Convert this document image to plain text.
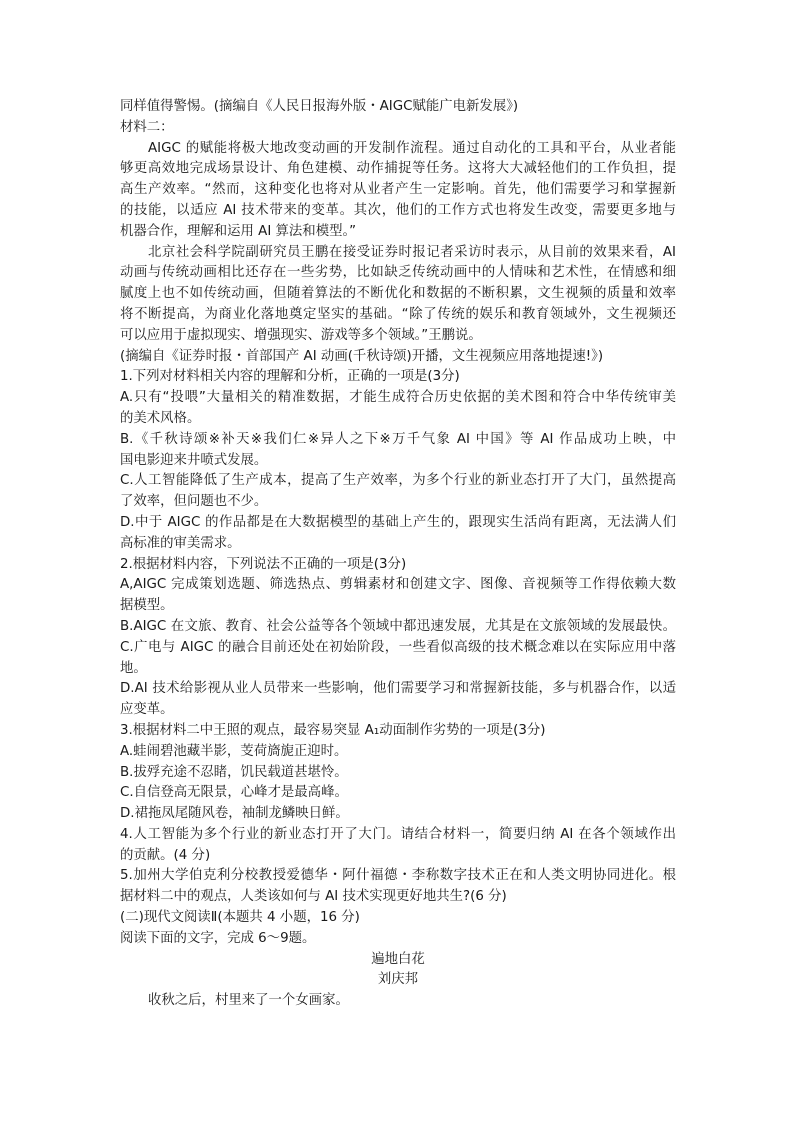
同样值得警惕。(摘编自《人民日报海外版・AIGC赋能广电新发展》)
材料二：
AIGC 的赋能将极大地改变动画的开发制作流程。通过自动化的工具和平台，从业者能
够更高效地完成场景设计、角色建模、动作捕捉等任务。这将大大减轻他们的工作负担，提
高生产效率。“然而，这种变化也将对从业者产生一定影响。首先，他们需要学习和掌握新
的技能，以适应 AI 技术带来的变革。其次，他们的工作方式也将发生改变，需要更多地与
机器合作，理解和运用 AI 算法和模型。”
北京社会科学院副研究员王鹏在接受证券时报记者采访时表示，从目前的效果来看，AI
动画与传统动画相比还存在一些劣势，比如缺乏传统动画中的人情味和艺术性，在情感和细
腻度上也不如传统动画，但随着算法的不断优化和数据的不断积累，文生视频的质量和效率
将不断提高，为商业化落地奠定坚实的基础。“除了传统的娱乐和教育领域外，文生视频还
可以应用于虚拟现实、增强现实、游戏等多个领域。”王鹏说。
(摘编自《证券时报・首部国产 AI 动画(千秋诗颂)开播，文生视频应用落地提速!》)
1.下列对材料相关内容的理解和分析，正确的一项是(3分)
A.只有“投喂”大量相关的精准数据，才能生成符合历史依据的美术图和符合中华传统审美
的美术风格。
B.《千秋诗颂※补天※我们仁※异人之下※万千气象 AI 中国》等 AI 作品成功上映，中
国电影迎来井喷式发展。
C.人工智能降低了生产成本，提高了生产效率，为多个行业的新业态打开了大门，虽然提高
了效率，但问题也不少。
D.中于 AIGC 的作品都是在大数据模型的基础上产生的，跟现实生活尚有距离，无法满人们
高标准的审美需求。
2.根据材料内容，下列说法不正确的一项是(3分)
A,AIGC 完成策划选题、筛选热点、剪辑素材和创建文字、图像、音视频等工作得依赖大数
据模型。
B.AIGC 在文旅、教育、社会公益等各个领域中都迅速发展，尤其是在文旅领域的发展最快。
C.广电与 AIGC 的融合目前还处在初始阶段，一些看似高级的技术概念难以在实际应用中落
地。
D.AI 技术给影视从业人员带来一些影响，他们需要学习和常握新技能，多与机器合作，以适
应变革。
3.根据材料二中王照的观点，最容易突显 A₁动面制作劣势的一项是(3分)
A.蛙闹碧池藏半影，芰荷旖旎正迎时。
B.拔殍充途不忍睹，饥民载道甚堪怜。
C.自信登高无限景，心峰才是最高峰。
D.裙拖凤尾随风卷，袖制龙鳞映日鲜。
4.人工智能为多个行业的新业态打开了大门。请结合材料一，简要归纳 AI 在各个领域作出
的贡献。(4 分)
5.加州大学伯克利分校教授爱德华・阿什福德・李称数字技术正在和人类文明协同进化。根
据材料二中的观点，人类该如何与 AI 技术实现更好地共生?(6 分)
(二)现代文阅读Ⅱ(本题共 4 小题，16 分)
阅读下面的文字，完成 6～9题。
遍地白花
刘庆邦
收秋之后，村里来了一个女画家。
